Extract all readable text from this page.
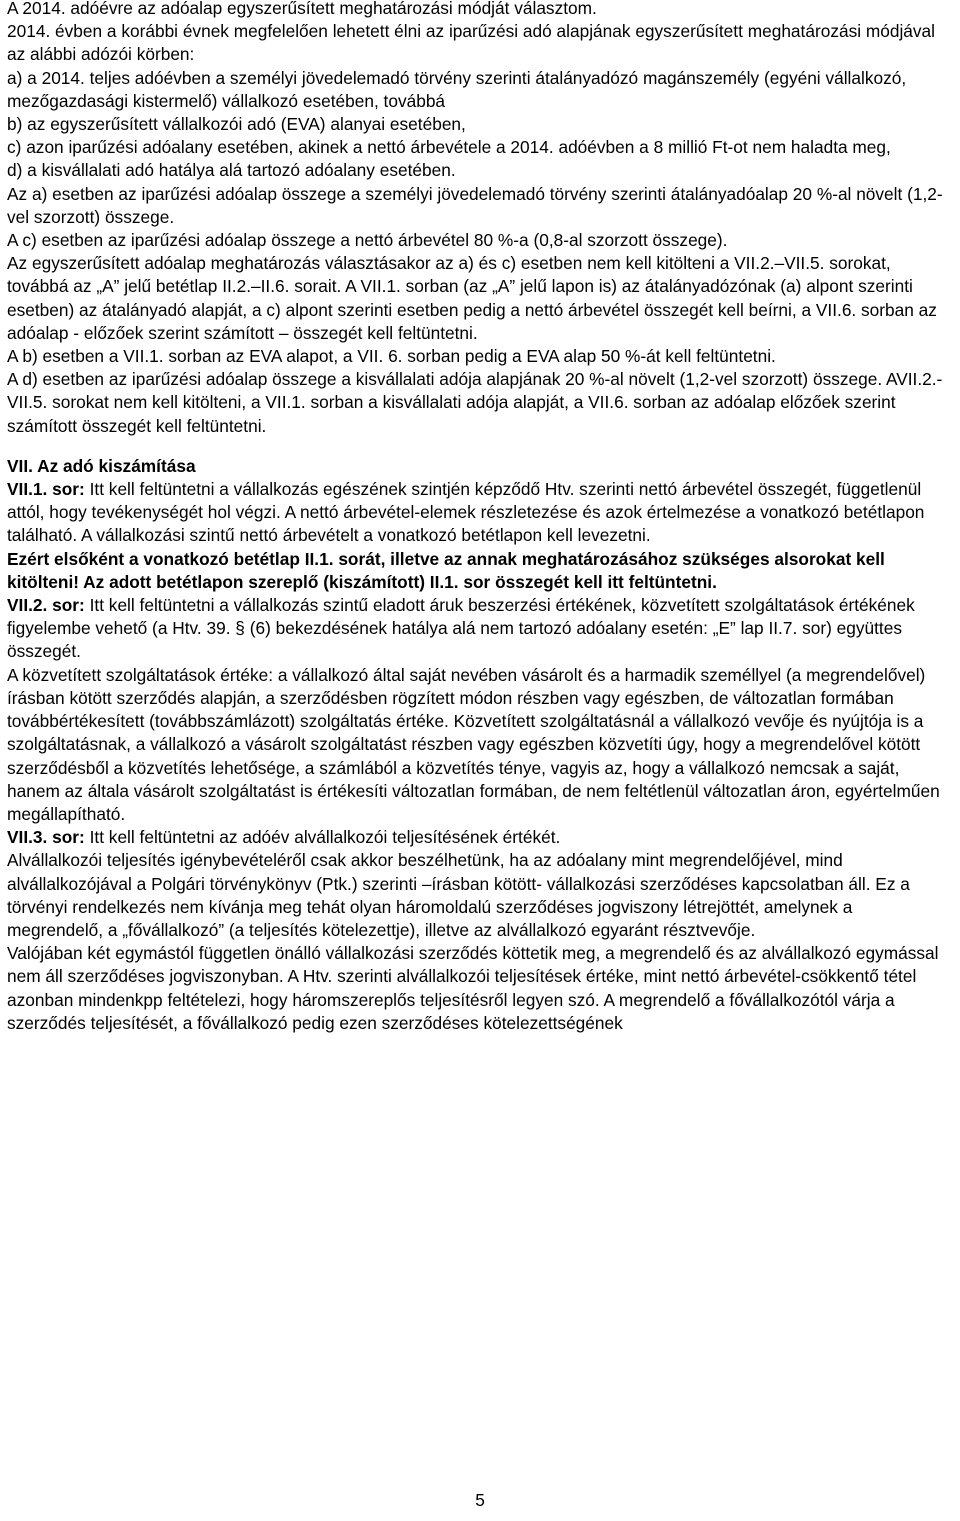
A 2014. adóévre az adóalap egyszerűsített meghatározási módját választom.

2014. évben a korábbi évnek megfelelően lehetett élni az iparűzési adó alapjának egyszerűsített meghatározási módjával az alábbi adózói körben:

a) a 2014. teljes adóévben a személyi jövedelemadó törvény szerinti átalányadózó magánszemély (egyéni vállalkozó, mezőgazdasági kistermelő) vállalkozó esetében, továbbá

b) az egyszerűsített vállalkozói adó (EVA) alanyai esetében,

c) azon iparűzési adóalany esetében, akinek a nettó árbevétele a 2014. adóévben a 8 millió Ft-ot nem haladta meg,

d) a kisvállalati adó hatálya alá tartozó adóalany esetében.

Az a) esetben az iparűzési adóalap összege a személyi jövedelemadó törvény szerinti átalányadóalap 20 %-al növelt (1,2-vel szorzott) összege.

A c) esetben az iparűzési adóalap összege a nettó árbevétel 80 %-a (0,8-al szorzott összege).

Az egyszerűsített adóalap meghatározás választásakor az a) és c) esetben nem kell kitölteni a VII.2.–VII.5. sorokat, továbbá az „A” jelű betétlap II.2.–II.6. sorait. A VII.1. sorban (az „A” jelű lapon is) az átalányadózónak (a) alpont szerinti esetben) az átalányadó alapját, a c) alpont szerinti esetben pedig a nettó árbevétel összegét kell beírni, a VII.6. sorban az adóalap - előzőek szerint számított – összegét kell feltüntetni.

A b) esetben a VII.1. sorban az EVA alapot, a VII. 6. sorban pedig a EVA alap 50 %-át kell feltüntetni.

A d) esetben az iparűzési adóalap összege a kisvállalati adója alapjának 20 %-al növelt (1,2-vel szorzott) összege. AVII.2.-VII.5. sorokat nem kell kitölteni, a VII.1. sorban a kisvállalati adója alapját, a VII.6. sorban az adóalap előzőek szerint számított összegét kell feltüntetni.

VII. Az adó kiszámítása

VII.1. sor: Itt kell feltüntetni a vállalkozás egészének szintjén képződő Htv. szerinti nettó árbevétel összegét, függetlenül attól, hogy tevékenységét hol végzi. A nettó árbevétel-elemek részletezése és azok értelmezése a vonatkozó betétlapon található. A vállalkozási szintű nettó árbevételt a vonatkozó betétlapon kell levezetni.

Ezért elsőként a vonatkozó betétlap II.1. sorát, illetve az annak meghatározásához szükséges alsorokat kell kitölteni! Az adott betétlapon szereplő (kiszámított) II.1. sor összegét kell itt feltüntetni.

VII.2. sor: Itt kell feltüntetni a vállalkozás szintű eladott áruk beszerzési értékének, közvetített szolgáltatások értékének figyelembe vehető (a Htv. 39. § (6) bekezdésének hatálya alá nem tartozó adóalany esetén: „E” lap II.7. sor) együttes összegét.

A közvetített szolgáltatások értéke: a vállalkozó által saját nevében vásárolt és a harmadik személlyel (a megrendelővel) írásban kötött szerződés alapján, a szerződésben rögzített módon részben vagy egészben, de változatlan formában továbbértékesített (továbbszámlázott) szolgáltatás értéke. Közvetített szolgáltatásnál a vállalkozó vevője és nyújtója is a szolgáltatásnak, a vállalkozó a vásárolt szolgáltatást részben vagy egészben közvetíti úgy, hogy a megrendelővel kötött szerződésből a közvetítés lehetősége, a számlából a közvetítés ténye, vagyis az, hogy a vállalkozó nemcsak a saját, hanem az általa vásárolt szolgáltatást is értékesíti változatlan formában, de nem feltétlenül változatlan áron, egyértelműen megállapítható.

VII.3. sor: Itt kell feltüntetni az adóév alvállalkozói teljesítésének értékét.

Alvállalkozói teljesítés igénybevételéről csak akkor beszélhetünk, ha az adóalany mint megrendelőjével, mind alvállalkozójával a Polgári törvénykönyv (Ptk.) szerinti –írásban kötött- vállalkozási szerződéses kapcsolatban áll. Ez a törvényi rendelkezés nem kívánja meg tehát olyan háromoldalú szerződéses jogviszony létrejöttét, amelynek a megrendelő, a „fővállalkozó” (a teljesítés kötelezettje), illetve az alvállalkozó egyaránt résztvevője.

Valójában két egymástól független önálló vállalkozási szerződés köttetik meg, a megrendelő és az alvállalkozó egymással nem áll szerződéses jogviszonyban. A Htv. szerinti alvállalkozói teljesítések értéke, mint nettó árbevétel-csökkentő tétel azonban mindenkpp feltételezi, hogy háromszereplős teljesítésről legyen szó. A megrendelő a fővállalkozótól várja a szerződés teljesítését, a fővállalkozó pedig ezen szerződéses kötelezettségének

5
